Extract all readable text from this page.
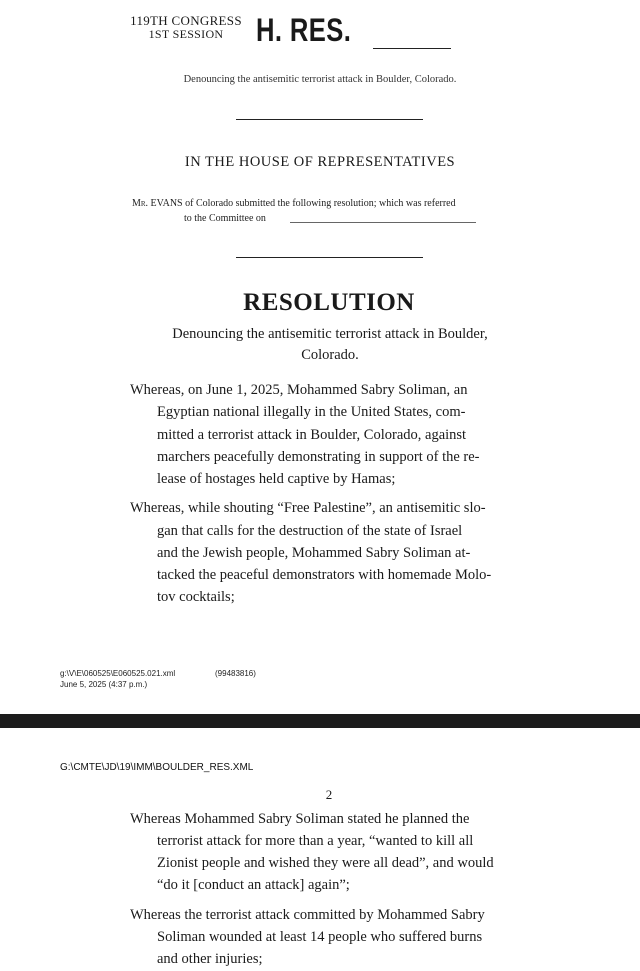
119TH CONGRESS
1ST SESSION	H. RES.
Denouncing the antisemitic terrorist attack in Boulder, Colorado.
IN THE HOUSE OF REPRESENTATIVES
Mr. EVANS of Colorado submitted the following resolution; which was referred
to the Committee on
RESOLUTION
Denouncing the antisemitic terrorist attack in Boulder,
Colorado.
Whereas, on June 1, 2025, Mohammed Sabry Soliman, an
Egyptian national illegally in the United States, com-
mitted a terrorist attack in Boulder, Colorado, against
marchers peacefully demonstrating in support of the re-
lease of hostages held captive by Hamas;
Whereas, while shouting “Free Palestine”, an antisemitic slo-
gan that calls for the destruction of the state of Israel
and the Jewish people, Mohammed Sabry Soliman at-
tacked the peaceful demonstrators with homemade Molo-
tov cocktails;
g:\V\E\060525\E060525.021.xml	(99483816)
June 5, 2025 (4:37 p.m.)
G:\CMTE\JD\19\IMM\BOULDER_RES.XML
2
Whereas Mohammed Sabry Soliman stated he planned the
terrorist attack for more than a year, “wanted to kill all
Zionist people and wished they were all dead”, and would
“do it [conduct an attack] again”;
Whereas the terrorist attack committed by Mohammed Sabry
Soliman wounded at least 14 people who suffered burns
and other injuries;
